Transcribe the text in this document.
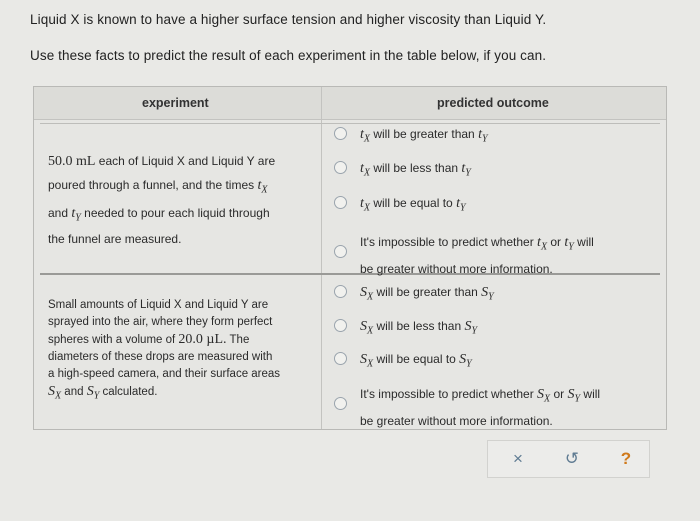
Liquid X is known to have a higher surface tension and higher viscosity than Liquid Y.
Use these facts to predict the result of each experiment in the table below, if you can.
experiment	predicted outcome
50.0 mL each of Liquid X and Liquid Y are
poured through a funnel, and the times $t_X$
and $t_Y$ needed to pour each liquid through
the funnel are measured.
$t_X$ will be greater than $t_Y$
$t_X$ will be less than $t_Y$
$t_X$ will be equal to $t_Y$
It's impossible to predict whether $t_X$ or $t_Y$ will
be greater without more information.
Small amounts of Liquid X and Liquid Y are
sprayed into the air, where they form perfect
spheres with a volume of 20.0 µL. The
diameters of these drops are measured with
a high-speed camera, and their surface areas
$S_X$ and $S_Y$ calculated.
$S_X$ will be greater than $S_Y$
$S_X$ will be less than $S_Y$
$S_X$ will be equal to $S_Y$
It's impossible to predict whether $S_X$ or $S_Y$ will
be greater without more information.
× ↺ ?
